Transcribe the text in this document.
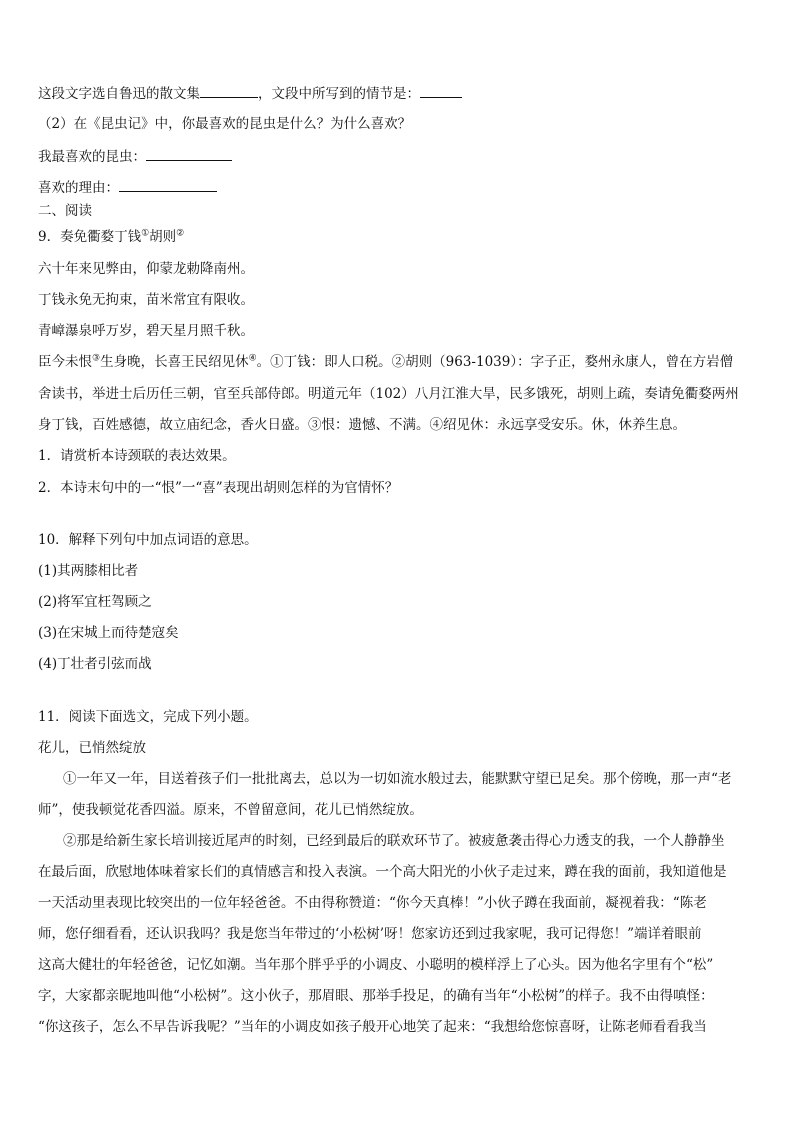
这段文字选自鲁迅的散文集	，文段中所写到的情节是：
（2）在《昆虫记》中，你最喜欢的昆虫是什么？为什么喜欢？
我最喜欢的昆虫：
喜欢的理由：
二、阅读
9．奏免衢婺丁钱①胡则②
六十年来见弊由，仰蒙龙勅降南州。
丁钱永免无拘束，苗米常宜有限收。
青嶂瀑泉呼万岁，碧天星月照千秋。
臣今未恨③生身晚，长喜王民绍见休④。①丁钱：即人口税。②胡则（963-1039）：字子正，婺州永康人，曾在方岩僧
舍读书，举进士后历任三朝，官至兵部侍郎。明道元年（102）八月江淮大旱，民多饿死，胡则上疏，奏请免衢婺两州
身丁钱，百姓感德，故立庙纪念，香火日盛。③恨：遗憾、不满。④绍见休：永远享受安乐。休，休养生息。
1．请赏析本诗颈联的表达效果。
2．本诗末句中的一“恨”一“喜”表现出胡则怎样的为官情怀？
10．解释下列句中加点词语的意思。
(1)其两膝相比者
(2)将军宜枉驾顾之
(3)在宋城上而待楚寇矣
(4)丁壮者引弦而战
11．阅读下面选文，完成下列小题。
花儿，已悄然绽放
①一年又一年，目送着孩子们一批批离去，总以为一切如流水般过去，能默默守望已足矣。那个傍晚，那一声“老
师”，使我顿觉花香四溢。原来，不曾留意间，花儿已悄然绽放。
②那是给新生家长培训接近尾声的时刻，已经到最后的联欢环节了。被疲惫袭击得心力透支的我，一个人静静坐
在最后面，欣慰地体味着家长们的真情感言和投入表演。一个高大阳光的小伙子走过来，蹲在我的面前，我知道他是
一天活动里表现比较突出的一位年轻爸爸。不由得称赞道：“你今天真棒！”小伙子蹲在我面前，凝视着我：“陈老
师，您仔细看看，还认识我吗？我是您当年带过的‘小松树’呀！您家访还到过我家呢，我可记得您！”端详着眼前
这高大健壮的年轻爸爸，记忆如潮。当年那个胖乎乎的小调皮、小聪明的模样浮上了心头。因为他名字里有个“松”
字，大家都亲昵地叫他“小松树”。这小伙子，那眉眼、那举手投足，的确有当年“小松树”的样子。我不由得嗔怪：
“你这孩子，怎么不早告诉我呢？”当年的小调皮如孩子般开心地笑了起来：“我想给您惊喜呀，让陈老师看看我当
